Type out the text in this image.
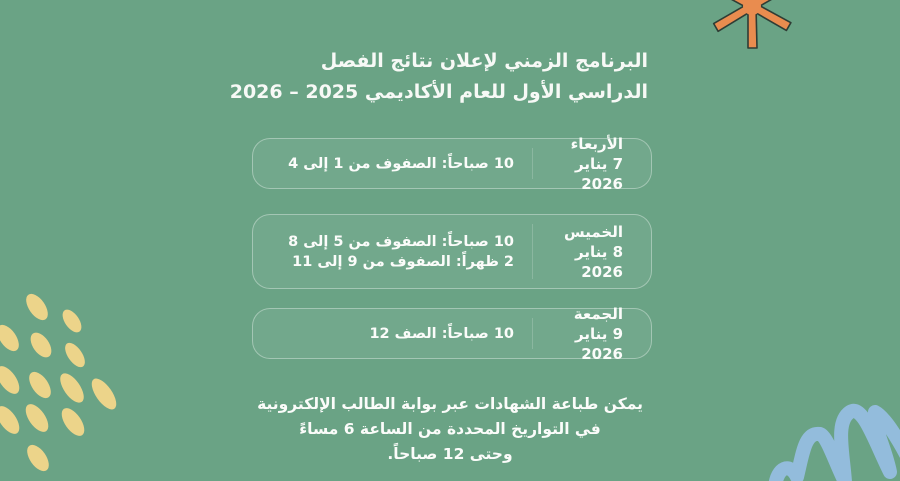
البرنامج الزمني لإعلان نتائج الفصل
الدراسي الأول للعام الأكاديمي 2025 – 2026
الأربعاء
7 يناير 2026
10 صباحاً: الصفوف من 1 إلى 4
الخميس
8 يناير 2026
10 صباحاً: الصفوف من 5 إلى 8
2 ظهراً: الصفوف من 9 إلى 11
الجمعة
9 يناير 2026
10 صباحاً: الصف 12
يمكن طباعة الشهادات عبر بوابة الطالب الإلكترونية
في التواريخ المحددة من الساعة 6 مساءً
وحتى 12 صباحاً.
